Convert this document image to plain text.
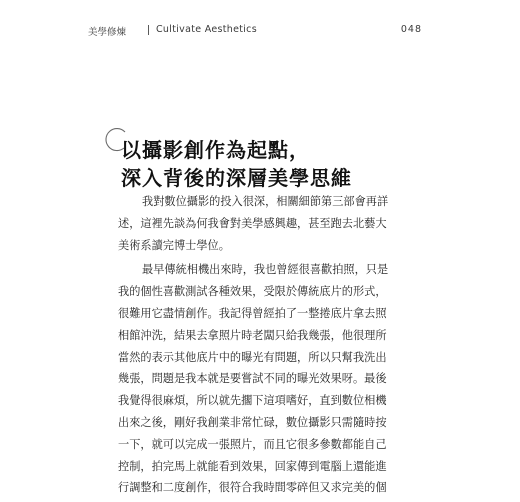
美學修煉	Cultivate Aesthetics	048
以攝影創作為起點，
深入背後的深層美學思維

我對數位攝影的投入很深，相關細節第三部會再詳
述，這裡先談為何我會對美學感興趣，甚至跑去北藝大
美術系讀完博士學位。

最早傳統相機出來時，我也曾經很喜歡拍照，只是
我的個性喜歡測試各種效果，受限於傳統底片的形式，
很難用它盡情創作。我記得曾經拍了一整捲底片拿去照
相館沖洗，結果去拿照片時老闆只給我幾張，他很理所
當然的表示其他底片中的曝光有問題，所以只幫我洗出
幾張，問題是我本就是要嘗試不同的曝光效果呀。最後
我覺得很麻煩，所以就先擱下這項嗜好，直到數位相機
出來之後，剛好我創業非常忙碌，數位攝影只需隨時按
一下，就可以完成一張照片，而且它很多參數都能自己
控制，拍完馬上就能看到效果，回家傳到電腦上還能進
行調整和二度創作，很符合我時間零碎但又求完美的個
